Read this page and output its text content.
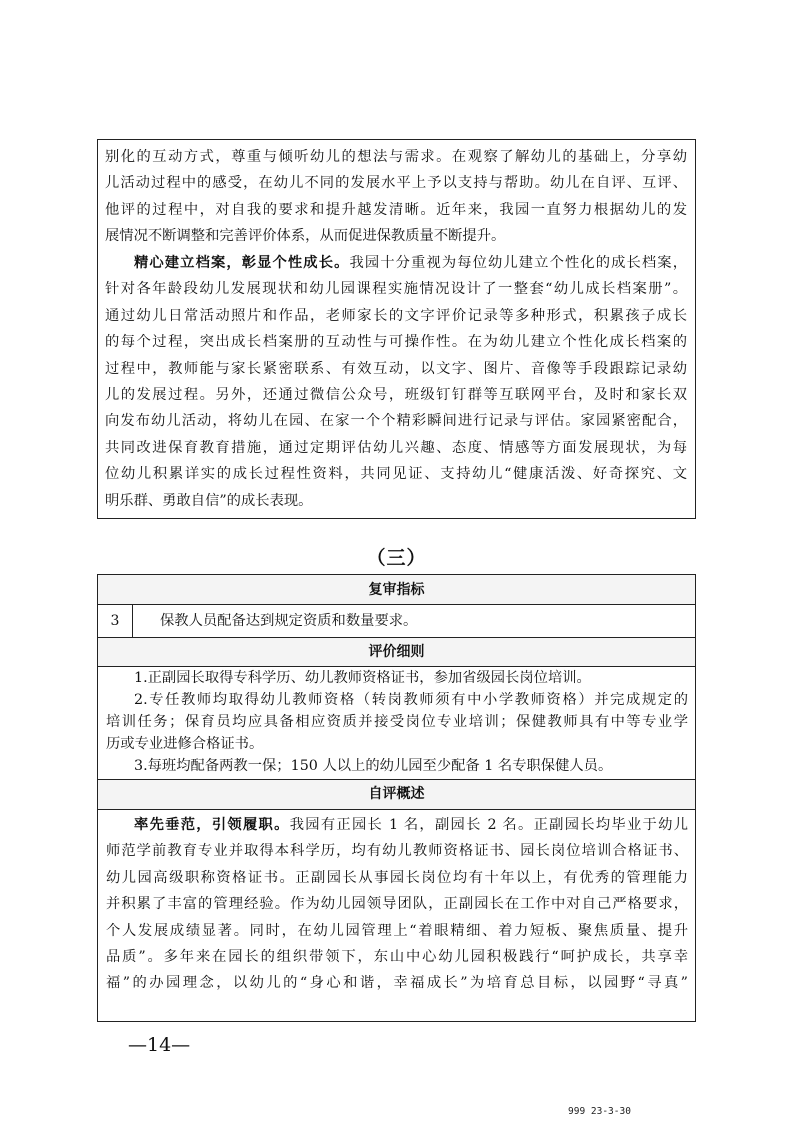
别化的互动方式，尊重与倾听幼儿的想法与需求。在观察了解幼儿的基础上，分享幼
儿活动过程中的感受，在幼儿不同的发展水平上予以支持与帮助。幼儿在自评、互评、
他评的过程中，对自我的要求和提升越发清晰。近年来，我园一直努力根据幼儿的发
展情况不断调整和完善评价体系，从而促进保教质量不断提升。
精心建立档案，彰显个性成长。我园十分重视为每位幼儿建立个性化的成长档案，
针对各年龄段幼儿发展现状和幼儿园课程实施情况设计了一整套“幼儿成长档案册”。
通过幼儿日常活动照片和作品，老师家长的文字评价记录等多种形式，积累孩子成长
的每个过程，突出成长档案册的互动性与可操作性。在为幼儿建立个性化成长档案的
过程中，教师能与家长紧密联系、有效互动，以文字、图片、音像等手段跟踪记录幼
儿的发展过程。另外，还通过微信公众号，班级钉钉群等互联网平台，及时和家长双
向发布幼儿活动，将幼儿在园、在家一个个精彩瞬间进行记录与评估。家园紧密配合，
共同改进保育教育措施，通过定期评估幼儿兴趣、态度、情感等方面发展现状，为每
位幼儿积累详实的成长过程性资料，共同见证、支持幼儿“健康活泼、好奇探究、文
明乐群、勇敢自信”的成长表现。
（三）
复审指标
3	保教人员配备达到规定资质和数量要求。
评价细则
1.正副园长取得专科学历、幼儿教师资格证书，参加省级园长岗位培训。
2.专任教师均取得幼儿教师资格（转岗教师须有中小学教师资格）并完成规定的
培训任务；保育员均应具备相应资质并接受岗位专业培训；保健教师具有中等专业学
历或专业进修合格证书。
3.每班均配备两教一保；150 人以上的幼儿园至少配备 1 名专职保健人员。
自评概述
率先垂范，引领履职。我园有正园长 1 名，副园长 2 名。正副园长均毕业于幼儿
师范学前教育专业并取得本科学历，均有幼儿教师资格证书、园长岗位培训合格证书、
幼儿园高级职称资格证书。正副园长从事园长岗位均有十年以上，有优秀的管理能力
并积累了丰富的管理经验。作为幼儿园领导团队，正副园长在工作中对自己严格要求，
个人发展成绩显著。同时，在幼儿园管理上“着眼精细、着力短板、聚焦质量、提升
品质”。多年来在园长的组织带领下，东山中心幼儿园积极践行“呵护成长，共享幸
福”的办园理念，以幼儿的“身心和谐，幸福成长”为培育总目标，以园野“寻真”
—14—
999 23-3-30
